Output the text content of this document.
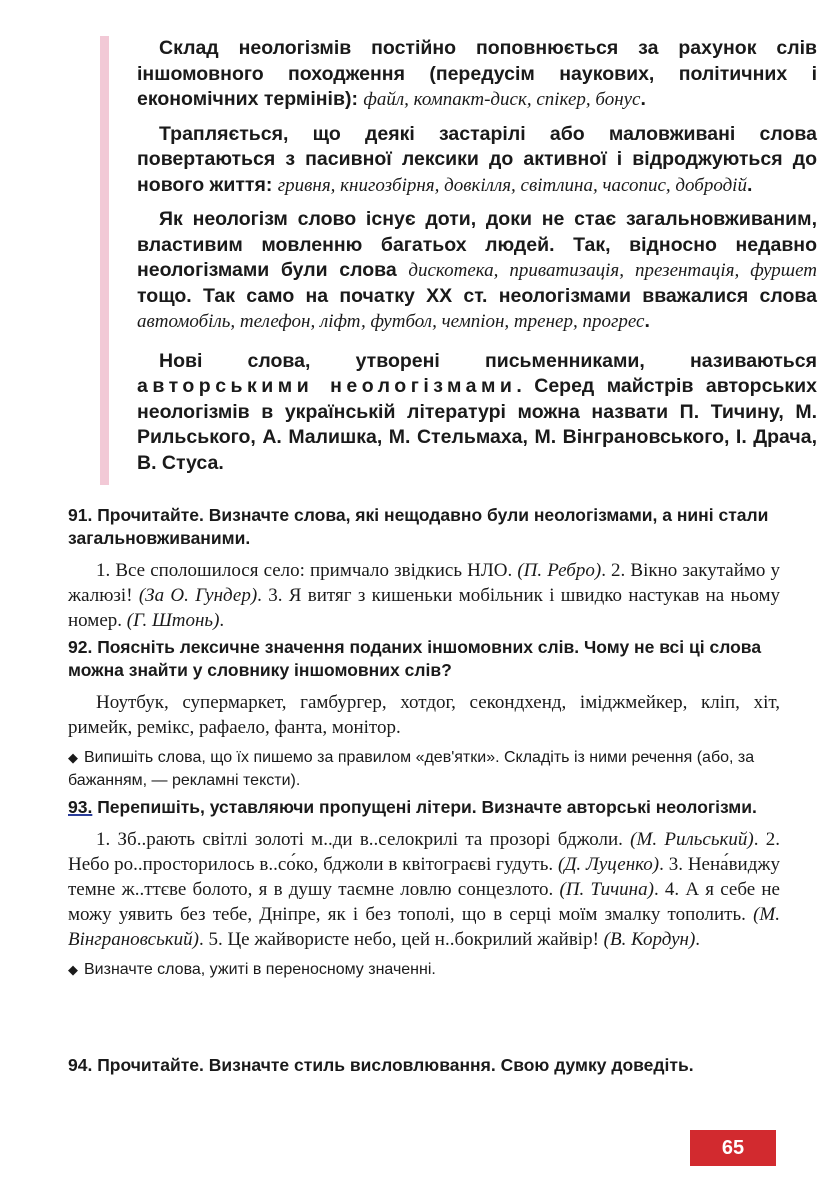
Склад неологізмів постійно поповнюється за рахунок слів іншомовного походження (передусім наукових, політичних і економічних термінів): файл, компакт-диск, спікер, бонус.

Трапляється, що деякі застарілі або маловживані слова повертаються з пасивної лексики до активної і відроджуються до нового життя: гривня, книгозбірня, довкілля, світлина, часопис, добродій.

Як неологізм слово існує доти, доки не стає загальновживаним, властивим мовленню багатьох людей. Так, відносно недавно неологізмами були слова дискотека, приватизація, презентація, фуршет тощо. Так само на початку ХХ ст. неологізмами вважалися слова автомобіль, телефон, ліфт, футбол, чемпіон, тренер, прогрес.

Нові слова, утворені письменниками, називаються авторськими неологізмами. Серед майстрів авторських неологізмів в українській літературі можна назвати П. Тичину, М. Рильського, А. Малишка, М. Стельмаха, М. Вінграновського, І. Драча, В. Стуса.

91. Прочитайте. Визначте слова, які нещодавно були неологізмами, а нині стали загальновживаними.

1. Все сполошилося село: примчало звідкись НЛО. (П. Ребро). 2. Вікно закутаймо у жалюзі! (За О. Гундер). 3. Я витяг з кишеньки мобільник і швидко настукав на ньому номер. (Г. Штонь).

92. Поясніть лексичне значення поданих іншомовних слів. Чому не всі ці слова можна знайти у словнику іншомовних слів?

Ноутбук, супермаркет, гамбургер, хотдог, секондхенд, іміджмейкер, кліп, хіт, римейк, ремікс, рафаело, фанта, монітор.

◆ Випишіть слова, що їх пишемо за правилом «дев'ятки». Складіть із ними речення (або, за бажанням, — рекламні тексти).

93. Перепишіть, уставляючи пропущені літери. Визначте авторські неологізми.

1. Зб..рають світлі золоті м..ди в..селокрилі та прозорі бджоли. (М. Рильський). 2. Небо ро..просторилось в..со́ко, бджоли в квітограєві гудуть. (Д. Луценко). 3. Нена́виджу темне ж..ттєве болото, я в душу таємне ловлю сонцезлото. (П. Тичина). 4. А я себе не можу уявить без тебе, Дніпре, як і без тополі, що в серці моїм змалку тополить. (М. Вінграновський). 5. Це жайвористе небо, цей н..бокрилий жайвір! (В. Кордун).

◆ Визначте слова, ужиті в переносному значенні.

94. Прочитайте. Визначте стиль висловлювання. Свою думку доведіть.

65
